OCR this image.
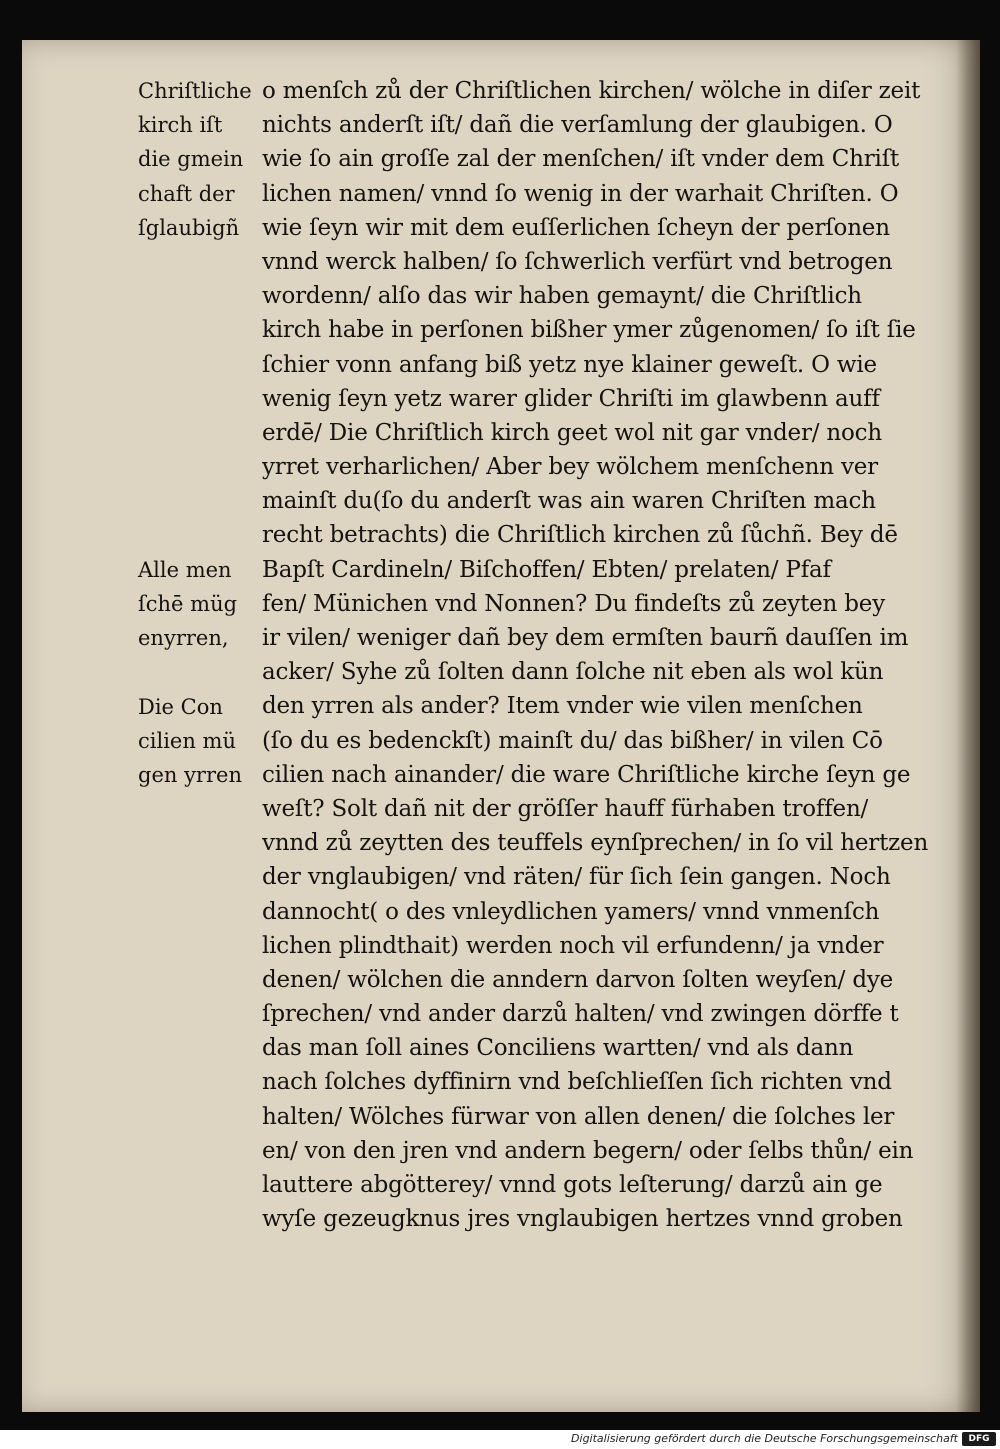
Chriſtliche
kirch iſt
die gmein
chaft der
ſglaubigñ
Alle men
ſchē müg
enyrren,
Die Con
cilien mü
gen yrren
o menſch zů der Chriſtlichen kirchen/ wölche in diſer zeit
nichts anderſt iſt/ dañ die verſamlung der glaubigen. O
wie ſo ain groſſe zal der menſchen/ iſt vnder dem Chriſt
lichen namen/ vnnd ſo wenig in der warhait Chriſten. O
wie ſeyn wir mit dem euſſerlichen ſcheyn der perſonen
vnnd werck halben/ ſo ſchwerlich verfürt vnd betrogen
wordenn/ alſo das wir haben gemaynt/ die Chriſtlich
kirch habe in perſonen bißher ymer zůgenomen/ ſo iſt ſie
ſchier vonn anfang biß yetz nye klainer geweſt. O wie
wenig ſeyn yetz warer glider Chriſti im glawbenn auff
erdē/ Die Chriſtlich kirch geet wol nit gar vnder/ noch
yrret verharlichen/ Aber bey wölchem menſchenn ver
mainſt du(ſo du anderſt was ain waren Chriſten mach
recht betrachts) die Chriſtlich kirchen zů ſůchñ. Bey dē
Bapſt Cardineln/ Biſchoffen/ Ebten/ prelaten/ Pfaf
fen/ Münichen vnd Nonnen? Du findeſts zů zeyten bey
ir vilen/ weniger dañ bey dem ermſten baurñ dauſſen im
acker/ Syhe zů ſolten dann ſolche nit eben als wol kün
den yrren als ander? Item vnder wie vilen menſchen
(ſo du es bedenckſt) mainſt du/ das bißher/ in vilen Cō
cilien nach ainander/ die ware Chriſtliche kirche ſeyn ge
weſt? Solt dañ nit der gröſſer hauff fürhaben troffen/
vnnd zů zeytten des teuffels eynſprechen/ in ſo vil hertzen
der vnglaubigen/ vnd räten/ für ſich ſein gangen. Noch
dannocht( o des vnleydlichen yamers/ vnnd vnmenſch
lichen plindthait) werden noch vil erfundenn/ ja vnder
denen/ wölchen die anndern darvon ſolten weyſen/ dye
ſprechen/ vnd ander darzů halten/ vnd zwingen dörffe t
das man ſoll aines Conciliens wartten/ vnd als dann
nach ſolches dyffinirn vnd beſchlieſſen ſich richten vnd
halten/ Wölches fürwar von allen denen/ die ſolches ler
en/ von den jren vnd andern begern/ oder ſelbs thůn/ ein
lauttere abgötterey/ vnnd gots leſterung/ darzů ain ge
wyſe gezeugknus jres vnglaubigen hertzes vnnd groben
Digitalisierung gefördert durch die Deutsche Forschungsgemeinschaft	DFG
